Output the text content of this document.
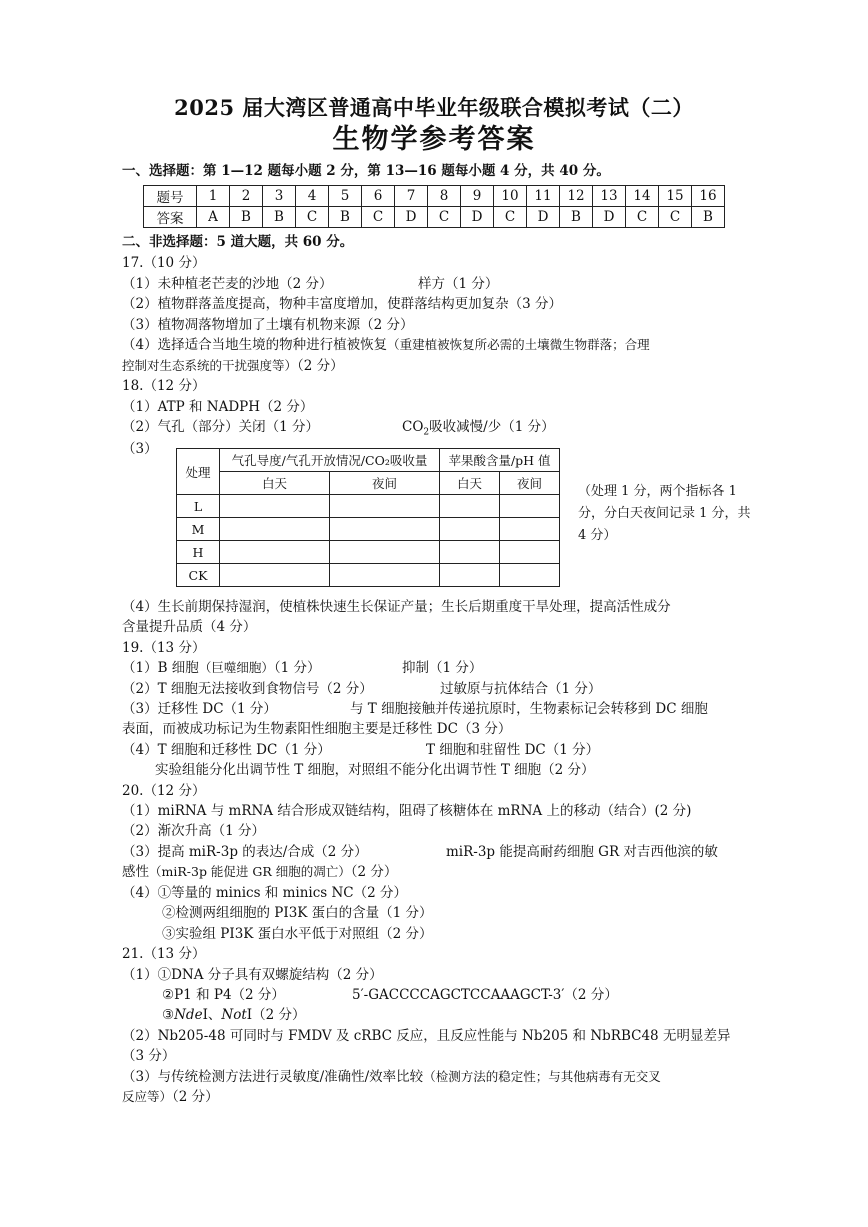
2025 届大湾区普通高中毕业年级联合模拟考试（二）
生物学参考答案
一、选择题：第 1—12 题每小题 2 分，第 13—16 题每小题 4 分，共 40 分。
题号	1	2	3	4	5	6	7	8	9	10	11	12	13	14	15	16
答案	A	B	B	C	B	C	D	C	D	C	D	B	D	C	C	B
二、非选择题：5 道大题，共 60 分。
17.（10 分）
（1）未种植老芒麦的沙地（2 分）	样方（1 分）
（2）植物群落盖度提高，物种丰富度增加，使群落结构更加复杂（3 分）
（3）植物凋落物增加了土壤有机物来源（2 分）
（4）选择适合当地生境的物种进行植被恢复（重建植被恢复所必需的土壤微生物群落；合理
控制对生态系统的干扰强度等）（2 分）
18.（12 分）
（1）ATP 和 NADPH（2 分）
（2）气孔（部分）关闭（1 分）	$CO_2$吸收减慢/少（1 分）
（3）
处理	气孔导度/气孔开放情况/CO₂吸收量		苹果酸含量/pH 值	
	白天	夜间	白天	夜间
L				
M				
H				
CK				
（处理 1 分，两个指标各 1 分，分白天夜间记录 1 分，共 4 分）
（4）生长前期保持湿润，使植株快速生长保证产量；生长后期重度干旱处理，提高活性成分
含量提升品质（4 分）
19.（13 分）
（1）B 细胞（巨噬细胞）（1 分）	抑制（1 分）
（2）T 细胞无法接收到食物信号（2 分）	过敏原与抗体结合（1 分）
（3）迁移性 DC（1 分）	与 T 细胞接触并传递抗原时，生物素标记会转移到 DC 细胞
表面，而被成功标记为生物素阳性细胞主要是迁移性 DC（3 分）
（4）T 细胞和迁移性 DC（1 分）	T 细胞和驻留性 DC（1 分）
实验组能分化出调节性 T 细胞，对照组不能分化出调节性 T 细胞（2 分）
20.（12 分）
（1）miRNA 与 mRNA 结合形成双链结构，阻碍了核糖体在 mRNA 上的移动（结合）(2 分)
（2）渐次升高（1 分）
（3）提高 miR-3p 的表达/合成（2 分）	miR-3p 能提高耐药细胞 GR 对吉西他滨的敏
感性（miR-3p 能促进 GR 细胞的凋亡）（2 分）
（4）①等量的 minics 和 minics NC（2 分）
②检测两组细胞的 PI3K 蛋白的含量（1 分）
③实验组 PI3K 蛋白水平低于对照组（2 分）
21.（13 分）
（1）①DNA 分子具有双螺旋结构（2 分）
②P1 和 P4（2 分）	5′-GACCCCAGCTCCAAAGCT-3′（2 分）
③NdeⅠ、NotⅠ（2 分）
（2）Nb205-48 可同时与 FMDV 及 cRBC 反应，且反应性能与 Nb205 和 NbRBC48 无明显差异
（3 分）
（3）与传统检测方法进行灵敏度/准确性/效率比较（检测方法的稳定性；与其他病毒有无交叉
反应等）（2 分）
